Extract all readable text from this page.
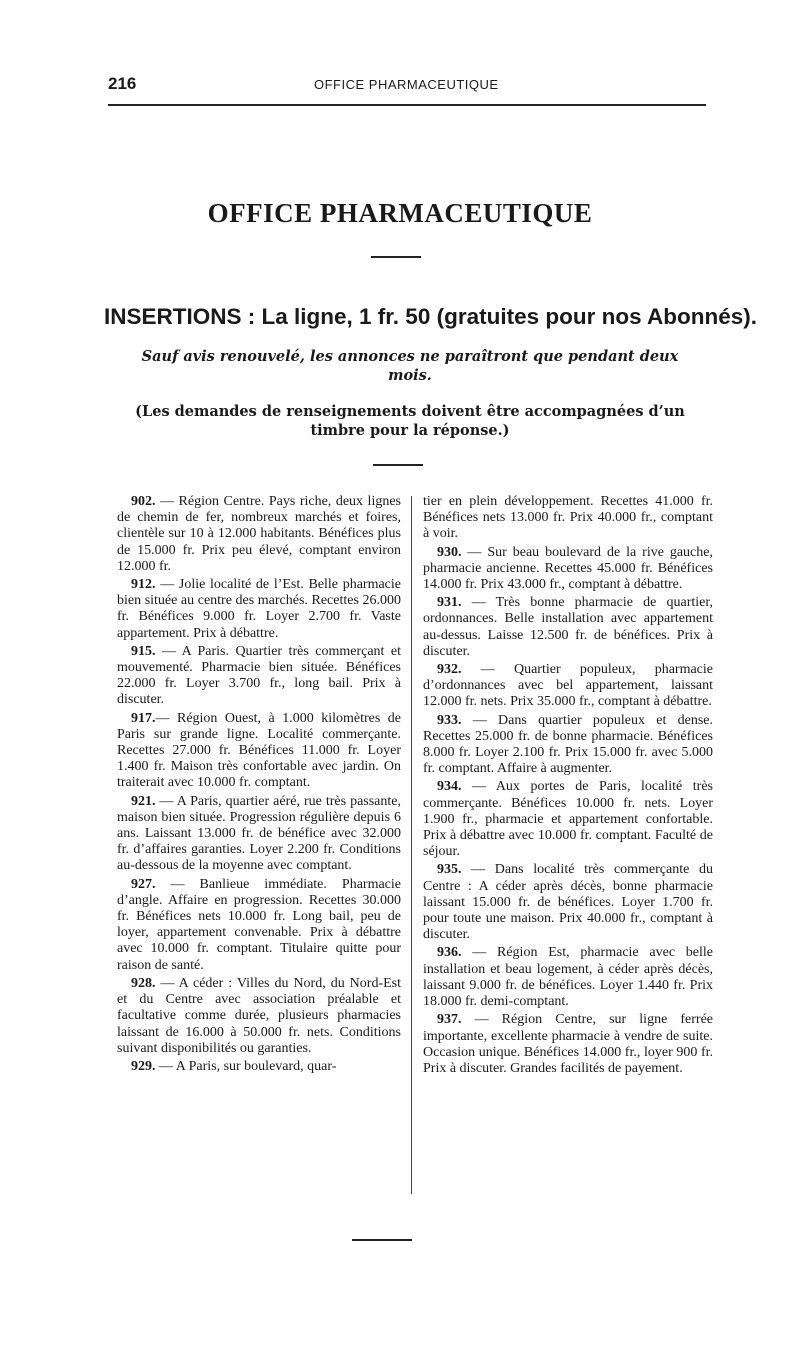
216	OFFICE PHARMACEUTIQUE
OFFICE PHARMACEUTIQUE
INSERTIONS : La ligne, 1 fr. 50 (gratuites pour nos Abonnés).
Sauf avis renouvelé, les annonces ne paraîtront que pendant deux mois.
(Les demandes de renseignements doivent être accompagnées d’un timbre pour la réponse.)

902. — Région Centre. Pays riche, deux lignes de chemin de fer, nombreux marchés et foires, clientèle sur 10 à 12.000 habitants. Bénéfices plus de 15.000 fr. Prix peu élevé, comptant environ 12.000 fr.

912. — Jolie localité de l’Est. Belle pharmacie bien située au centre des marchés. Recettes 26.000 fr. Bénéfices 9.000 fr. Loyer 2.700 fr. Vaste appartement. Prix à débattre.

915. — A Paris. Quartier très commerçant et mouvementé. Pharmacie bien située. Bénéfices 22.000 fr. Loyer 3.700 fr., long bail. Prix à discuter.

917.— Région Ouest, à 1.000 kilomètres de Paris sur grande ligne. Localité commerçante. Recettes 27.000 fr. Bénéfices 11.000 fr. Loyer 1.400 fr. Maison très confortable avec jardin. On traiterait avec 10.000 fr. comptant.

921. — A Paris, quartier aéré, rue très passante, maison bien située. Progression régulière depuis 6 ans. Laissant 13.000 fr. de bénéfice avec 32.000 fr. d’affaires garanties. Loyer 2.200 fr. Conditions au-dessous de la moyenne avec comptant.

927. — Banlieue immédiate. Pharmacie d’angle. Affaire en progression. Recettes 30.000 fr. Bénéfices nets 10.000 fr. Long bail, peu de loyer, appartement convenable. Prix à débattre avec 10.000 fr. comptant. Titulaire quitte pour raison de santé.

928. — A céder : Villes du Nord, du Nord-Est et du Centre avec association préalable et facultative comme durée, plusieurs pharmacies laissant de 16.000 à 50.000 fr. nets. Conditions suivant disponibilités ou garanties.

929. — A Paris, sur boulevard, quar-

tier en plein développement. Recettes 41.000 fr. Bénéfices nets 13.000 fr. Prix 40.000 fr., comptant à voir.

930. — Sur beau boulevard de la rive gauche, pharmacie ancienne. Recettes 45.000 fr. Bénéfices 14.000 fr. Prix 43.000 fr., comptant à débattre.

931. — Très bonne pharmacie de quartier, ordonnances. Belle installation avec appartement au-dessus. Laisse 12.500 fr. de bénéfices. Prix à discuter.

932. — Quartier populeux, pharmacie d’ordonnances avec bel appartement, laissant 12.000 fr. nets. Prix 35.000 fr., comptant à débattre.

933. — Dans quartier populeux et dense. Recettes 25.000 fr. de bonne pharmacie. Bénéfices 8.000 fr. Loyer 2.100 fr. Prix 15.000 fr. avec 5.000 fr. comptant. Affaire à augmenter.

934. — Aux portes de Paris, localité très commerçante. Bénéfices 10.000 fr. nets. Loyer 1.900 fr., pharmacie et appartement confortable. Prix à débattre avec 10.000 fr. comptant. Faculté de séjour.

935. — Dans localité très commerçante du Centre : A céder après décès, bonne pharmacie laissant 15.000 fr. de bénéfices. Loyer 1.700 fr. pour toute une maison. Prix 40.000 fr., comptant à discuter.

936. — Région Est, pharmacie avec belle installation et beau logement, à céder après décès, laissant 9.000 fr. de bénéfices. Loyer 1.440 fr. Prix 18.000 fr. demi-comptant.

937. — Région Centre, sur ligne ferrée importante, excellente pharmacie à vendre de suite. Occasion unique. Bénéfices 14.000 fr., loyer 900 fr. Prix à discuter. Grandes facilités de payement.
